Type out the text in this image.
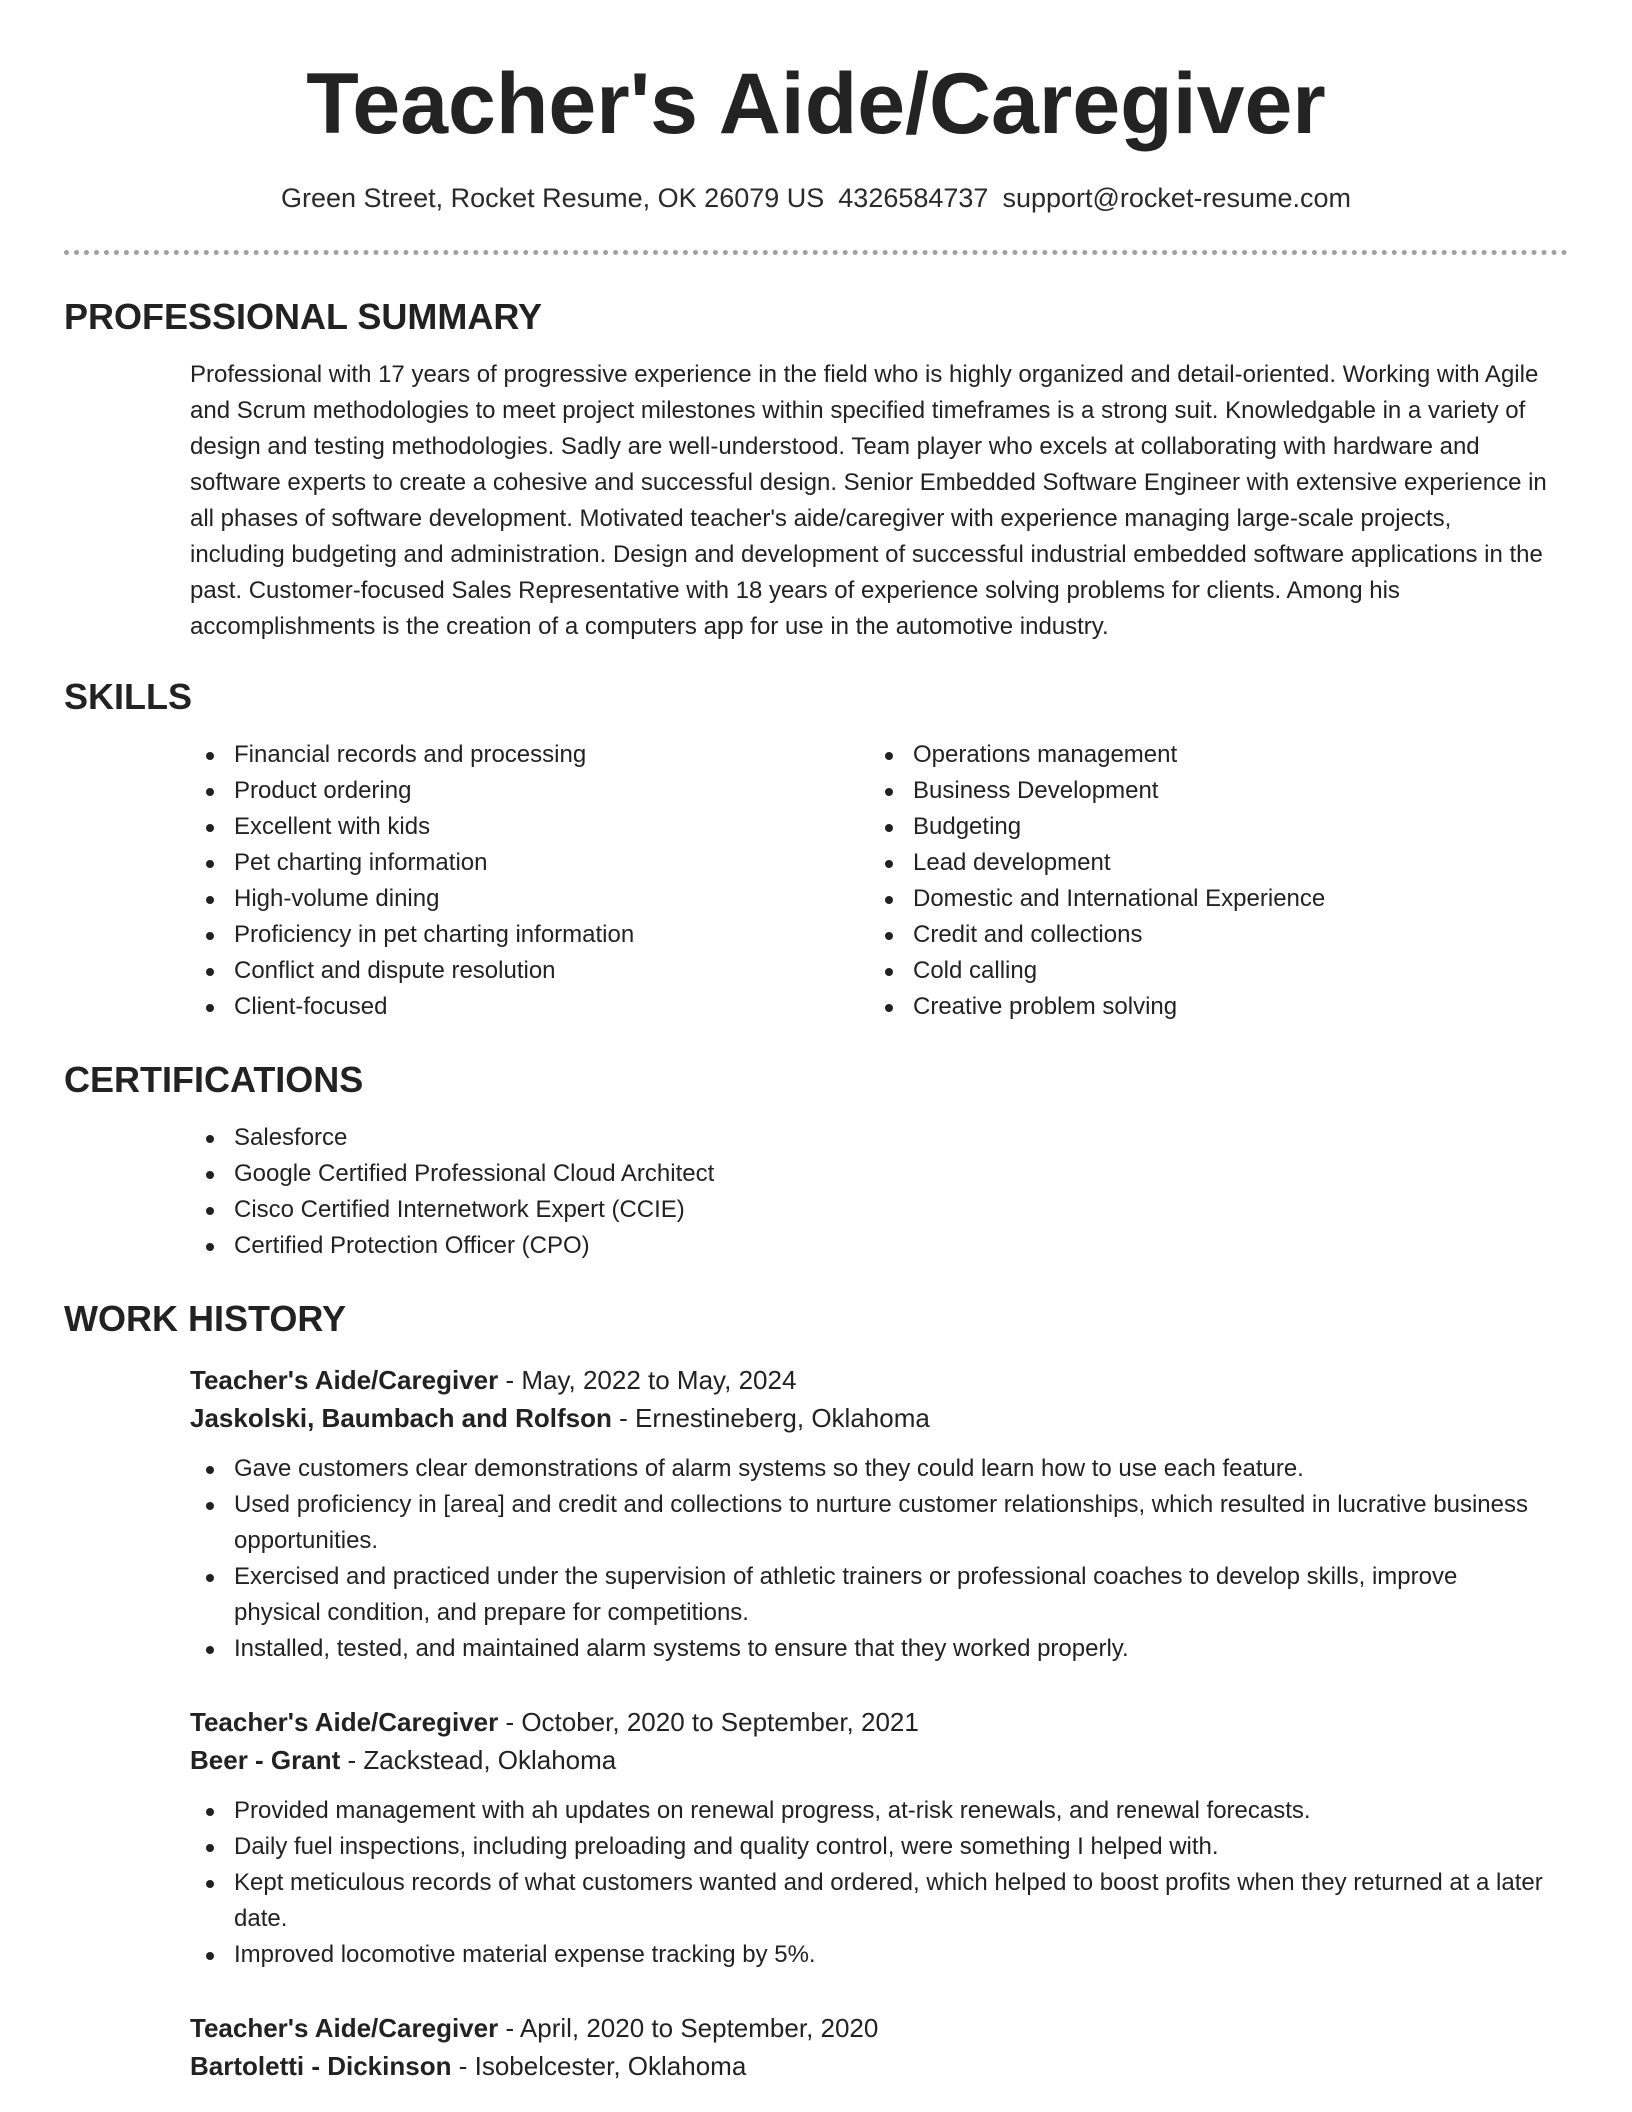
Teacher's Aide/Caregiver
Green Street, Rocket Resume, OK 26079 US 4326584737 support@rocket-resume.com
PROFESSIONAL SUMMARY
Professional with 17 years of progressive experience in the field who is highly organized and detail-oriented. Working with Agile and Scrum methodologies to meet project milestones within specified timeframes is a strong suit. Knowledgable in a variety of design and testing methodologies. Sadly are well-understood. Team player who excels at collaborating with hardware and software experts to create a cohesive and successful design. Senior Embedded Software Engineer with extensive experience in all phases of software development. Motivated teacher's aide/caregiver with experience managing large-scale projects, including budgeting and administration. Design and development of successful industrial embedded software applications in the past. Customer-focused Sales Representative with 18 years of experience solving problems for clients. Among his accomplishments is the creation of a computers app for use in the automotive industry.
SKILLS
Financial records and processing
Product ordering
Excellent with kids
Pet charting information
High-volume dining
Proficiency in pet charting information
Conflict and dispute resolution
Client-focused
Operations management
Business Development
Budgeting
Lead development
Domestic and International Experience
Credit and collections
Cold calling
Creative problem solving
CERTIFICATIONS
Salesforce
Google Certified Professional Cloud Architect
Cisco Certified Internetwork Expert (CCIE)
Certified Protection Officer (CPO)
WORK HISTORY
Teacher's Aide/Caregiver - May, 2022 to May, 2024
Jaskolski, Baumbach and Rolfson - Ernestineberg, Oklahoma
Gave customers clear demonstrations of alarm systems so they could learn how to use each feature.
Used proficiency in [area] and credit and collections to nurture customer relationships, which resulted in lucrative business opportunities.
Exercised and practiced under the supervision of athletic trainers or professional coaches to develop skills, improve physical condition, and prepare for competitions.
Installed, tested, and maintained alarm systems to ensure that they worked properly.
Teacher's Aide/Caregiver - October, 2020 to September, 2021
Beer - Grant - Zackstead, Oklahoma
Provided management with ah updates on renewal progress, at-risk renewals, and renewal forecasts.
Daily fuel inspections, including preloading and quality control, were something I helped with.
Kept meticulous records of what customers wanted and ordered, which helped to boost profits when they returned at a later date.
Improved locomotive material expense tracking by 5%.
Teacher's Aide/Caregiver - April, 2020 to September, 2020
Bartoletti - Dickinson - Isobelcester, Oklahoma
